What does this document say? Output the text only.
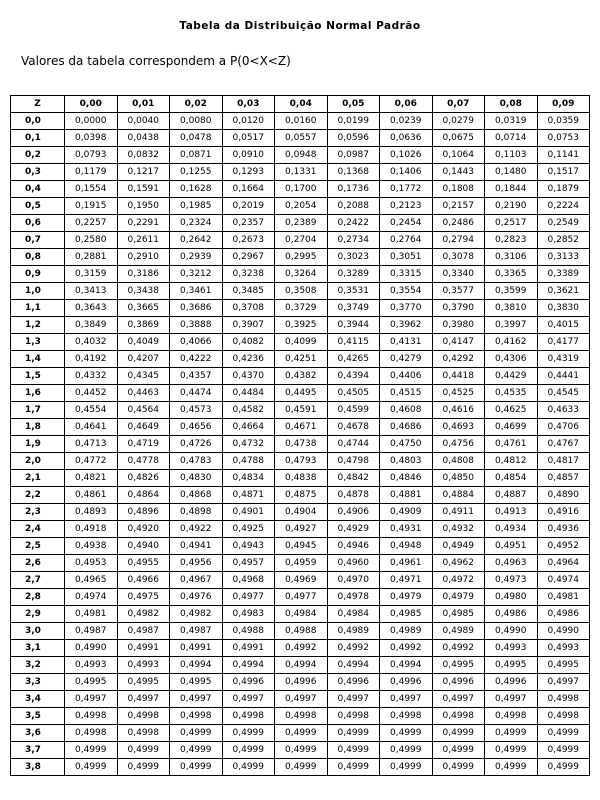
Tabela da Distribuição Normal Padrão
Valores da tabela correspondem a P(0<X<Z)
Z	0,00	0,01	0,02	0,03	0,04	0,05	0,06	0,07	0,08	0,09
0,0	0,0000	0,0040	0,0080	0,0120	0,0160	0,0199	0,0239	0,0279	0,0319	0,0359
0,1	0,0398	0,0438	0,0478	0,0517	0,0557	0,0596	0,0636	0,0675	0,0714	0,0753
0,2	0,0793	0,0832	0,0871	0,0910	0,0948	0,0987	0,1026	0,1064	0,1103	0,1141
0,3	0,1179	0,1217	0,1255	0,1293	0,1331	0,1368	0,1406	0,1443	0,1480	0,1517
0,4	0,1554	0,1591	0,1628	0,1664	0,1700	0,1736	0,1772	0,1808	0,1844	0,1879
0,5	0,1915	0,1950	0,1985	0,2019	0,2054	0,2088	0,2123	0,2157	0,2190	0,2224
0,6	0,2257	0,2291	0,2324	0,2357	0,2389	0,2422	0,2454	0,2486	0,2517	0,2549
0,7	0,2580	0,2611	0,2642	0,2673	0,2704	0,2734	0,2764	0,2794	0,2823	0,2852
0,8	0,2881	0,2910	0,2939	0,2967	0,2995	0,3023	0,3051	0,3078	0,3106	0,3133
0,9	0,3159	0,3186	0,3212	0,3238	0,3264	0,3289	0,3315	0,3340	0,3365	0,3389
1,0	0,3413	0,3438	0,3461	0,3485	0,3508	0,3531	0,3554	0,3577	0,3599	0,3621
1,1	0,3643	0,3665	0,3686	0,3708	0,3729	0,3749	0,3770	0,3790	0,3810	0,3830
1,2	0,3849	0,3869	0,3888	0,3907	0,3925	0,3944	0,3962	0,3980	0,3997	0,4015
1,3	0,4032	0,4049	0,4066	0,4082	0,4099	0,4115	0,4131	0,4147	0,4162	0,4177
1,4	0,4192	0,4207	0,4222	0,4236	0,4251	0,4265	0,4279	0,4292	0,4306	0,4319
1,5	0,4332	0,4345	0,4357	0,4370	0,4382	0,4394	0,4406	0,4418	0,4429	0,4441
1,6	0,4452	0,4463	0,4474	0,4484	0,4495	0,4505	0,4515	0,4525	0,4535	0,4545
1,7	0,4554	0,4564	0,4573	0,4582	0,4591	0,4599	0,4608	0,4616	0,4625	0,4633
1,8	0,4641	0,4649	0,4656	0,4664	0,4671	0,4678	0,4686	0,4693	0,4699	0,4706
1,9	0,4713	0,4719	0,4726	0,4732	0,4738	0,4744	0,4750	0,4756	0,4761	0,4767
2,0	0,4772	0,4778	0,4783	0,4788	0,4793	0,4798	0,4803	0,4808	0,4812	0,4817
2,1	0,4821	0,4826	0,4830	0,4834	0,4838	0,4842	0,4846	0,4850	0,4854	0,4857
2,2	0,4861	0,4864	0,4868	0,4871	0,4875	0,4878	0,4881	0,4884	0,4887	0,4890
2,3	0,4893	0,4896	0,4898	0,4901	0,4904	0,4906	0,4909	0,4911	0,4913	0,4916
2,4	0,4918	0,4920	0,4922	0,4925	0,4927	0,4929	0,4931	0,4932	0,4934	0,4936
2,5	0,4938	0,4940	0,4941	0,4943	0,4945	0,4946	0,4948	0,4949	0,4951	0,4952
2,6	0,4953	0,4955	0,4956	0,4957	0,4959	0,4960	0,4961	0,4962	0,4963	0,4964
2,7	0,4965	0,4966	0,4967	0,4968	0,4969	0,4970	0,4971	0,4972	0,4973	0,4974
2,8	0,4974	0,4975	0,4976	0,4977	0,4977	0,4978	0,4979	0,4979	0,4980	0,4981
2,9	0,4981	0,4982	0,4982	0,4983	0,4984	0,4984	0,4985	0,4985	0,4986	0,4986
3,0	0,4987	0,4987	0,4987	0,4988	0,4988	0,4989	0,4989	0,4989	0,4990	0,4990
3,1	0,4990	0,4991	0,4991	0,4991	0,4992	0,4992	0,4992	0,4992	0,4993	0,4993
3,2	0,4993	0,4993	0,4994	0,4994	0,4994	0,4994	0,4994	0,4995	0,4995	0,4995
3,3	0,4995	0,4995	0,4995	0,4996	0,4996	0,4996	0,4996	0,4996	0,4996	0,4997
3,4	0,4997	0,4997	0,4997	0,4997	0,4997	0,4997	0,4997	0,4997	0,4997	0,4998
3,5	0,4998	0,4998	0,4998	0,4998	0,4998	0,4998	0,4998	0,4998	0,4998	0,4998
3,6	0,4998	0,4998	0,4999	0,4999	0,4999	0,4999	0,4999	0,4999	0,4999	0,4999
3,7	0,4999	0,4999	0,4999	0,4999	0,4999	0,4999	0,4999	0,4999	0,4999	0,4999
3,8	0,4999	0,4999	0,4999	0,4999	0,4999	0,4999	0,4999	0,4999	0,4999	0,4999
